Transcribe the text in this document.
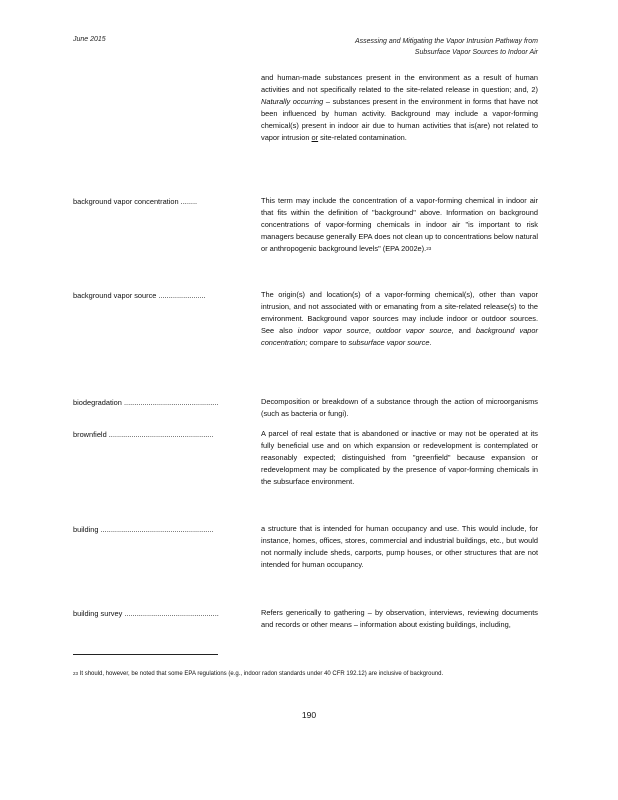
June 2015	Assessing and Mitigating the Vapor Intrusion Pathway from
Subsurface Vapor Sources to Indoor Air

and human-made substances present in the environment as a result of human activities and not specifically related to the site-related release in question; and, 2) Naturally occurring – substances present in the environment in forms that have not been influenced by human activity. Background may include a vapor-forming chemical(s) present in indoor air due to human activities that is(are) not related to vapor intrusion or site-related contamination.

background vapor concentration ........	This term may include the concentration of a vapor-forming chemical in indoor air that fits within the definition of "background" above. Information on background concentrations of vapor-forming chemicals in indoor air "is important to risk managers because generally EPA does not clean up to concentrations below natural or anthropogenic background levels" (EPA 2002e).$^{23}$

background vapor source .......................	The origin(s) and location(s) of a vapor-forming chemical(s), other than vapor intrusion, and not associated with or emanating from a site-related release(s) to the environment. Background vapor sources may include indoor or outdoor sources. See also indoor vapor source, outdoor vapor source, and background vapor concentration; compare to subsurface vapor source.

biodegradation ..............................................	Decomposition or breakdown of a substance through the action of microorganisms (such as bacteria or fungi).

brownfield ...................................................	A parcel of real estate that is abandoned or inactive or may not be operated at its fully beneficial use and on which expansion or redevelopment is contemplated or reasonably expected; distinguished from "greenfield" because expansion or redevelopment may be complicated by the presence of vapor-forming chemicals in the subsurface environment.

building .......................................................	a structure that is intended for human occupancy and use. This would include, for instance, homes, offices, stores, commercial and industrial buildings, etc., but would not normally include sheds, carports, pump houses, or other structures that are not intended for human occupancy.

building survey ..............................................	Refers generically to gathering – by observation, interviews, reviewing documents and records or other means – information about existing buildings, including,

$^{23}$ It should, however, be noted that some EPA regulations (e.g., indoor radon standards under 40 CFR 192.12) are inclusive of background.
190
